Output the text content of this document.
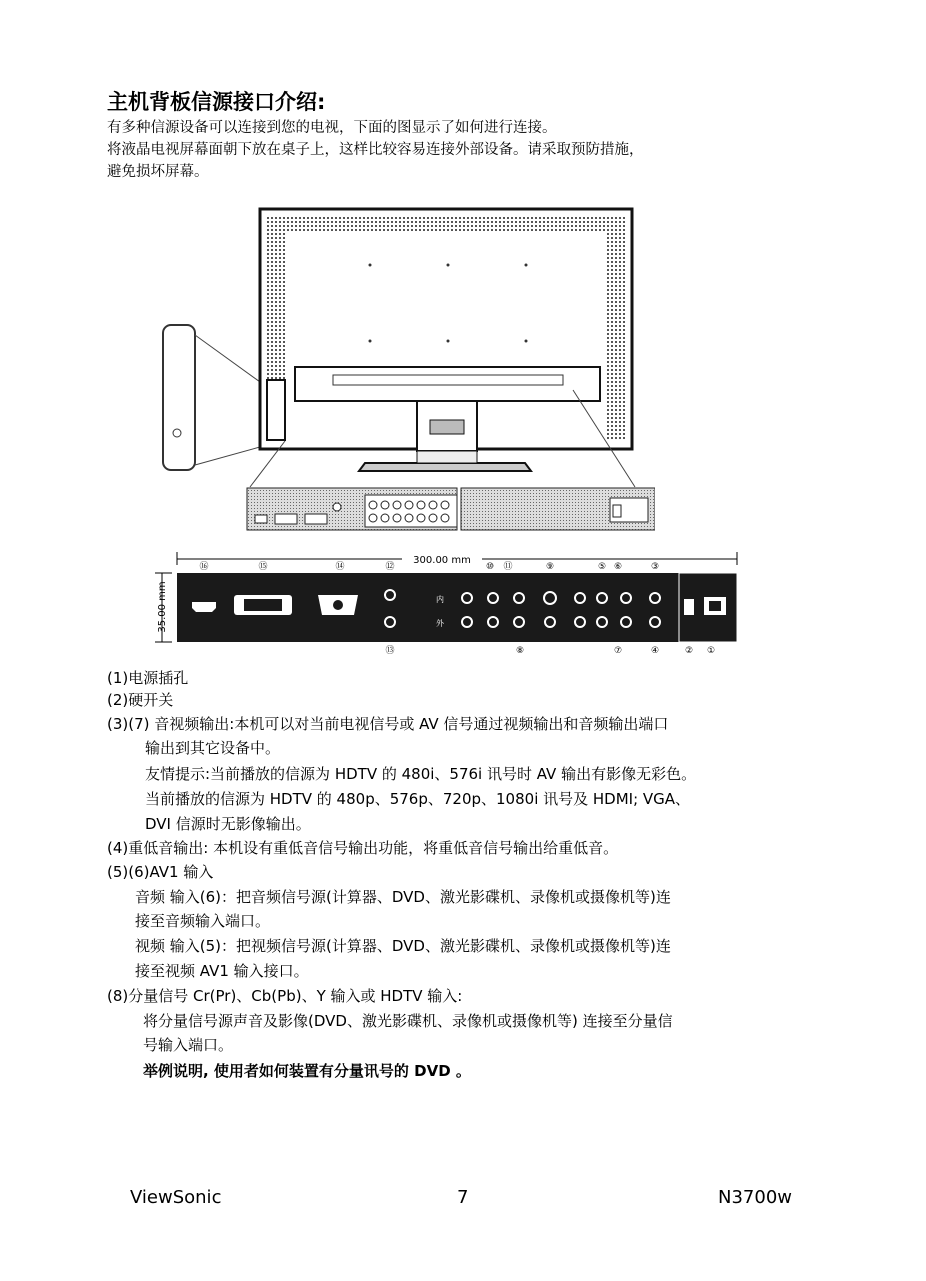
主机背板信源接口介绍:
有多种信源设备可以连接到您的电视，下面的图显示了如何进行连接。
将液晶电视屏幕面朝下放在桌子上，这样比较容易连接外部设备。请采取预防措施，
避免损坏屏幕。
300.00 mm
35.00 mm	内
外
⑯	⑮	⑭	⑫	⑩ ⑪	⑨	⑤ ⑥	③
⑬	⑧	⑦	④	② ①
(1)电源插孔
(2)硬开关
(3)(7) 音视频输出:本机可以对当前电视信号或 AV 信号通过视频输出和音频输出端口
输出到其它设备中。
友情提示:当前播放的信源为 HDTV 的 480i、576i 讯号时 AV 输出有影像无彩色。
当前播放的信源为 HDTV 的 480p、576p、720p、1080i 讯号及 HDMI; VGA、
DVI 信源时无影像输出。
(4)重低音输出: 本机设有重低音信号输出功能，将重低音信号输出给重低音。
(5)(6)AV1 输入
音频 输入(6)：把音频信号源(计算器、DVD、激光影碟机、录像机或摄像机等)连
接至音频输入端口。
视频 输入(5)：把视频信号源(计算器、DVD、激光影碟机、录像机或摄像机等)连
接至视频 AV1 输入接口。
(8)分量信号 Cr(Pr)、Cb(Pb)、Y 输入或 HDTV 输入:
将分量信号源声音及影像(DVD、激光影碟机、录像机或摄像机等) 连接至分量信
号输入端口。
举例说明, 使用者如何装置有分量讯号的 DVD 。
ViewSonic	7	N3700w
